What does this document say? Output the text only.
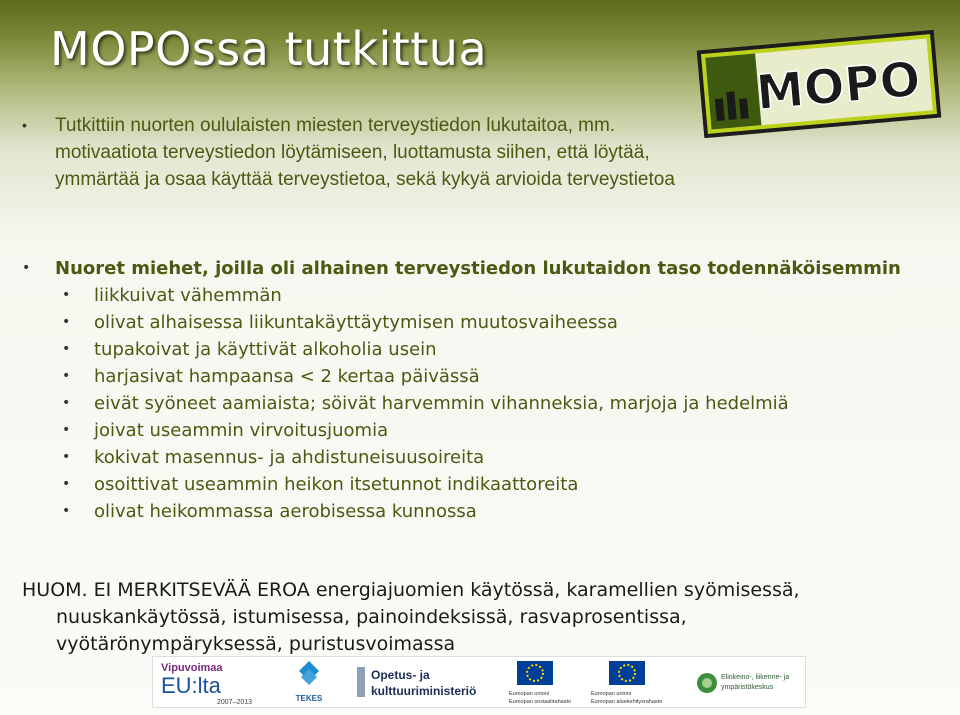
MOPOssa tutkittua
MOPO
• Tutkittiin nuorten oululaisten miesten terveystiedon lukutaitoa, mm. motivaatiota terveystiedon löytämiseen, luottamusta siihen, että löytää, ymmärtää ja osaa käyttää terveystietoa, sekä kykyä arvioida terveystietoa
• Nuoret miehet, joilla oli alhainen terveystiedon lukutaidon taso todennäköisemmin
• liikkuivat vähemmän
• olivat alhaisessa liikuntakäyttäytymisen muutosvaiheessa
• tupakoivat ja käyttivät alkoholia usein
• harjasivat hampaansa < 2 kertaa päivässä
• eivät syöneet aamiaista; söivät harvemmin vihanneksia, marjoja ja hedelmiä
• joivat useammin virvoitusjuomia
• kokivat masennus- ja ahdistuneisuusoireita
• osoittivat useammin heikon itsetunnot indikaattoreita
• olivat heikommassa aerobisessa kunnossa
HUOM. EI MERKITSEVÄÄ EROA energiajuomien käytössä, karamellien syömisessä,
nuuskankäytössä, istumisessa, painoindeksissä, rasvaprosentissa,
vyötärönympäryksessä, puristusvoimassa
Vipuvoimaa
EU:lta
2007–2013	TEKES
Opetus- ja
kulttuuriministeriö	Euroopan unioni
Euroopan sosiaalirahasto
Euroopan unioni
Euroopan aluekehitysrahasto
Elinkeino-, liikenne- ja
ympäristökeskus
